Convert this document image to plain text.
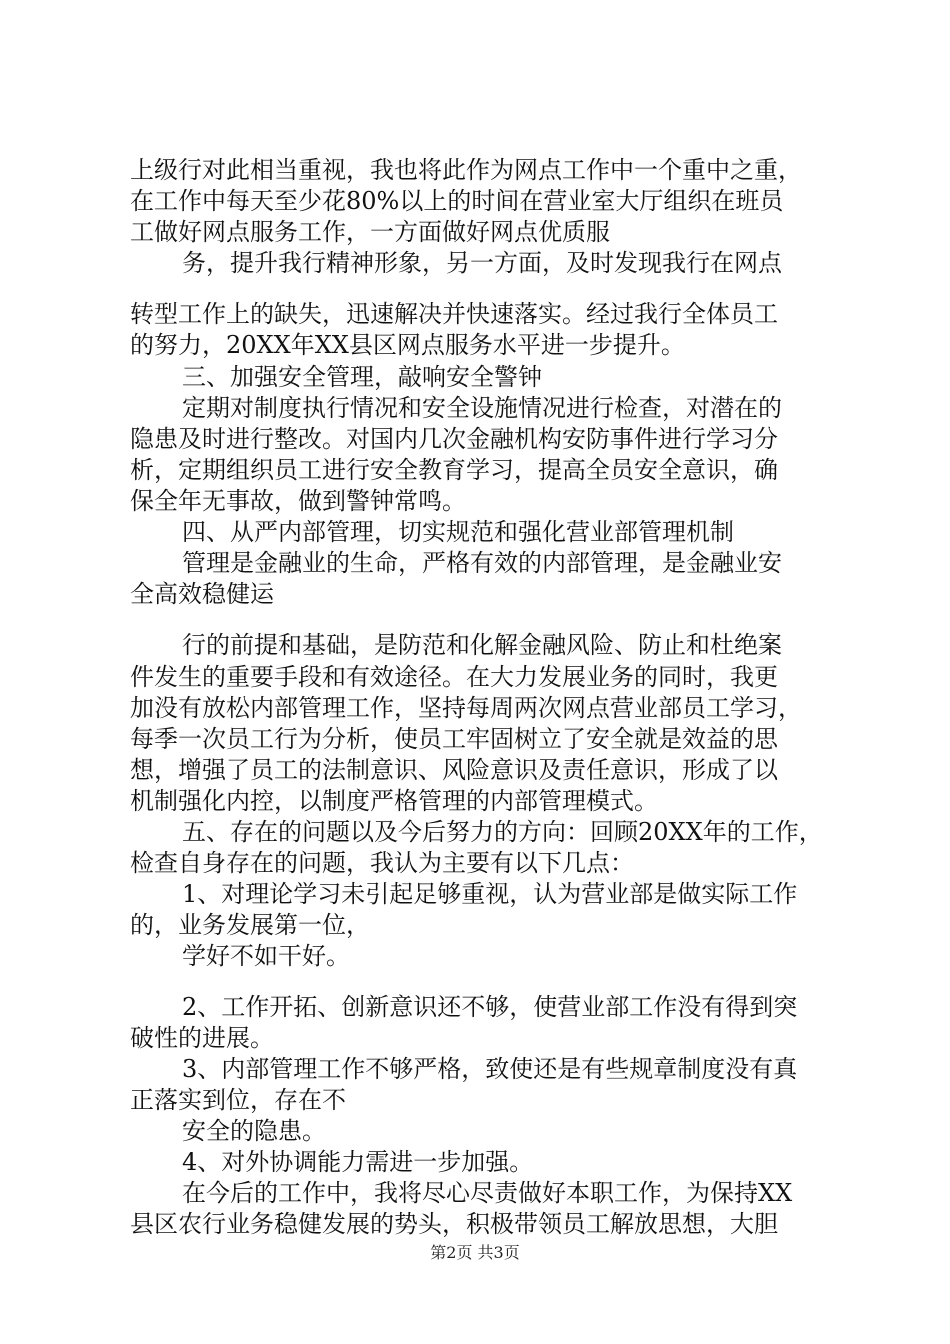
上级行对此相当重视，我也将此作为网点工作中一个重中之重，
在工作中每天至少花80%以上的时间在营业室大厅组织在班员
工做好网点服务工作，一方面做好网点优质服
务，提升我行精神形象，另一方面，及时发现我行在网点
转型工作上的缺失，迅速解决并快速落实。经过我行全体员工
的努力，20XX年XX县区网点服务水平进一步提升。
三、加强安全管理，敲响安全警钟
定期对制度执行情况和安全设施情况进行检查，对潜在的
隐患及时进行整改。对国内几次金融机构安防事件进行学习分
析，定期组织员工进行安全教育学习，提高全员安全意识，确
保全年无事故，做到警钟常鸣。
四、从严内部管理，切实规范和强化营业部管理机制
管理是金融业的生命，严格有效的内部管理，是金融业安
全高效稳健运
行的前提和基础，是防范和化解金融风险、防止和杜绝案
件发生的重要手段和有效途径。在大力发展业务的同时，我更
加没有放松内部管理工作，坚持每周两次网点营业部员工学习，
每季一次员工行为分析，使员工牢固树立了安全就是效益的思
想，增强了员工的法制意识、风险意识及责任意识，形成了以
机制强化内控，以制度严格管理的内部管理模式。
五、存在的问题以及今后努力的方向：回顾20XX年的工作，
检查自身存在的问题，我认为主要有以下几点：
1、对理论学习未引起足够重视，认为营业部是做实际工作
的，业务发展第一位，
学好不如干好。
2、工作开拓、创新意识还不够，使营业部工作没有得到突
破性的进展。
3、内部管理工作不够严格，致使还是有些规章制度没有真
正落实到位，存在不
安全的隐患。
4、对外协调能力需进一步加强。
在今后的工作中，我将尽心尽责做好本职工作，为保持XX
县区农行业务稳健发展的势头，积极带领员工解放思想，大胆
第2页 共3页
